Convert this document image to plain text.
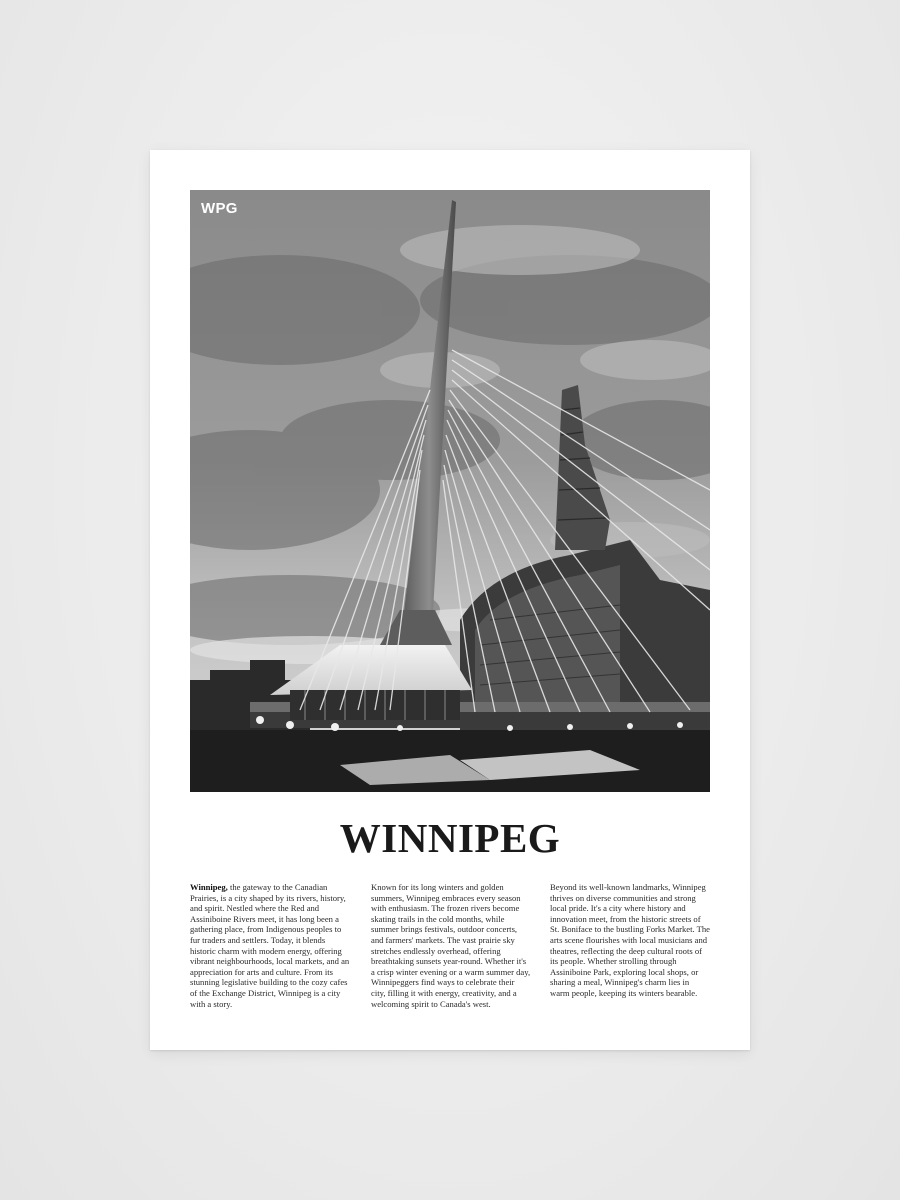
WPG
WINNIPEG

Winnipeg, the gateway to the Canadian Prairies, is a city shaped by its rivers, history, and spirit. Nestled where the Red and Assiniboine Rivers meet, it has long been a gathering place, from Indigenous peoples to fur traders and settlers. Today, it blends historic charm with modern energy, offering vibrant neighbourhoods, local markets, and an appreciation for arts and culture. From its stunning legislative building to the cozy cafes of the Exchange District, Winnipeg is a city with a story.

Known for its long winters and golden summers, Winnipeg embraces every season with enthusiasm. The frozen rivers become skating trails in the cold months, while summer brings festivals, outdoor concerts, and farmers' markets. The vast prairie sky stretches endlessly overhead, offering breathtaking sunsets year-round. Whether it's a crisp winter evening or a warm summer day, Winnipeggers find ways to celebrate their city, filling it with energy, creativity, and a welcoming spirit to Canada's west.

Beyond its well-known landmarks, Winnipeg thrives on diverse communities and strong local pride. It's a city where history and innovation meet, from the historic streets of St. Boniface to the bustling Forks Market. The arts scene flourishes with local musicians and theatres, reflecting the deep cultural roots of its people. Whether strolling through Assiniboine Park, exploring local shops, or sharing a meal, Winnipeg's charm lies in warm people, keeping its winters bearable.
